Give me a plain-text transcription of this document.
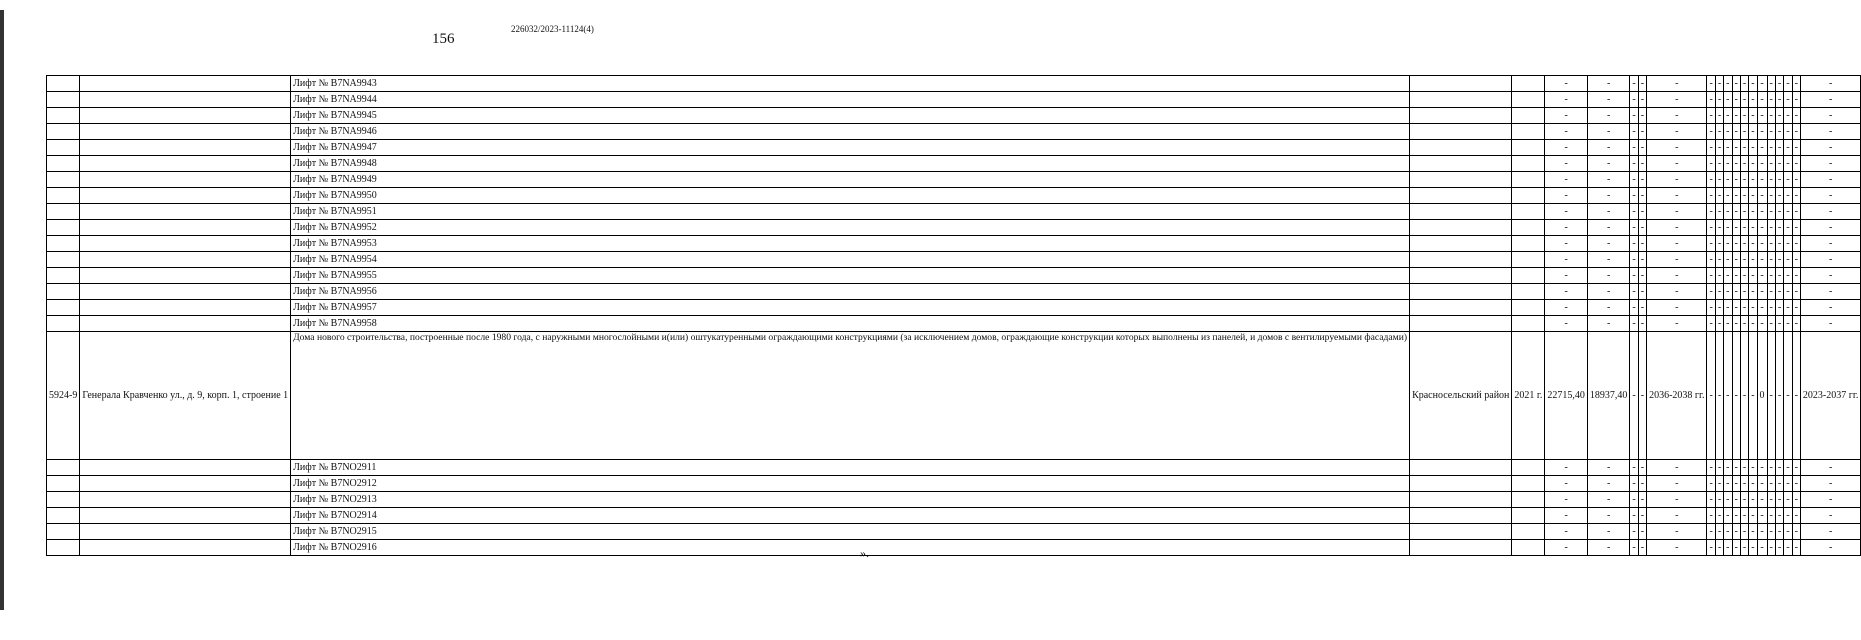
156
226032/2023-11124(4)
		Лифт № B7NA9943			-	-	-	-	-	-	-	-	-	-	-	-	-	-	-	-	-
		Лифт № B7NA9944			-	-	-	-	-	-	-	-	-	-	-	-	-	-	-	-	-
		Лифт № B7NA9945			-	-	-	-	-	-	-	-	-	-	-	-	-	-	-	-	-
		Лифт № B7NA9946			-	-	-	-	-	-	-	-	-	-	-	-	-	-	-	-	-
		Лифт № B7NA9947			-	-	-	-	-	-	-	-	-	-	-	-	-	-	-	-	-
		Лифт № B7NA9948			-	-	-	-	-	-	-	-	-	-	-	-	-	-	-	-	-
		Лифт № B7NA9949			-	-	-	-	-	-	-	-	-	-	-	-	-	-	-	-	-
		Лифт № B7NA9950			-	-	-	-	-	-	-	-	-	-	-	-	-	-	-	-	-
		Лифт № B7NA9951			-	-	-	-	-	-	-	-	-	-	-	-	-	-	-	-	-
		Лифт № B7NA9952			-	-	-	-	-	-	-	-	-	-	-	-	-	-	-	-	-
		Лифт № B7NA9953			-	-	-	-	-	-	-	-	-	-	-	-	-	-	-	-	-
		Лифт № B7NA9954			-	-	-	-	-	-	-	-	-	-	-	-	-	-	-	-	-
		Лифт № B7NA9955			-	-	-	-	-	-	-	-	-	-	-	-	-	-	-	-	-
		Лифт № B7NA9956			-	-	-	-	-	-	-	-	-	-	-	-	-	-	-	-	-
		Лифт № B7NA9957			-	-	-	-	-	-	-	-	-	-	-	-	-	-	-	-	-
		Лифт № B7NA9958			-	-	-	-	-	-	-	-	-	-	-	-	-	-	-	-	-
5924-9	Генерала Кравченко ул., д. 9, корп. 1, строение 1	Дома нового строительства, построенные после 1980 года, с наружными многослойными и(или) оштукатуренными ограждающими конструкциями (за исключением домов, ограждающие конструкции которых выполнены из панелей, и домов с вентилируемыми фасадами)	Красносельский район	2021 г.	22715,40	18937,40	-	-	2036-2038 гг.	-	-	-	-	-	-	0	-	-	-	-	2023-2037 гг.
		Лифт № B7NO2911			-	-	-	-	-	-	-	-	-	-	-	-	-	-	-	-	-
		Лифт № B7NO2912			-	-	-	-	-	-	-	-	-	-	-	-	-	-	-	-	-
		Лифт № B7NO2913			-	-	-	-	-	-	-	-	-	-	-	-	-	-	-	-	-
		Лифт № B7NO2914			-	-	-	-	-	-	-	-	-	-	-	-	-	-	-	-	-
		Лифт № B7NO2915			-	-	-	-	-	-	-	-	-	-	-	-	-	-	-	-	-
		Лифт № B7NO2916			-	-	-	-	-	-	-	-	-	-	-	-	-	-	-	-	-
».
